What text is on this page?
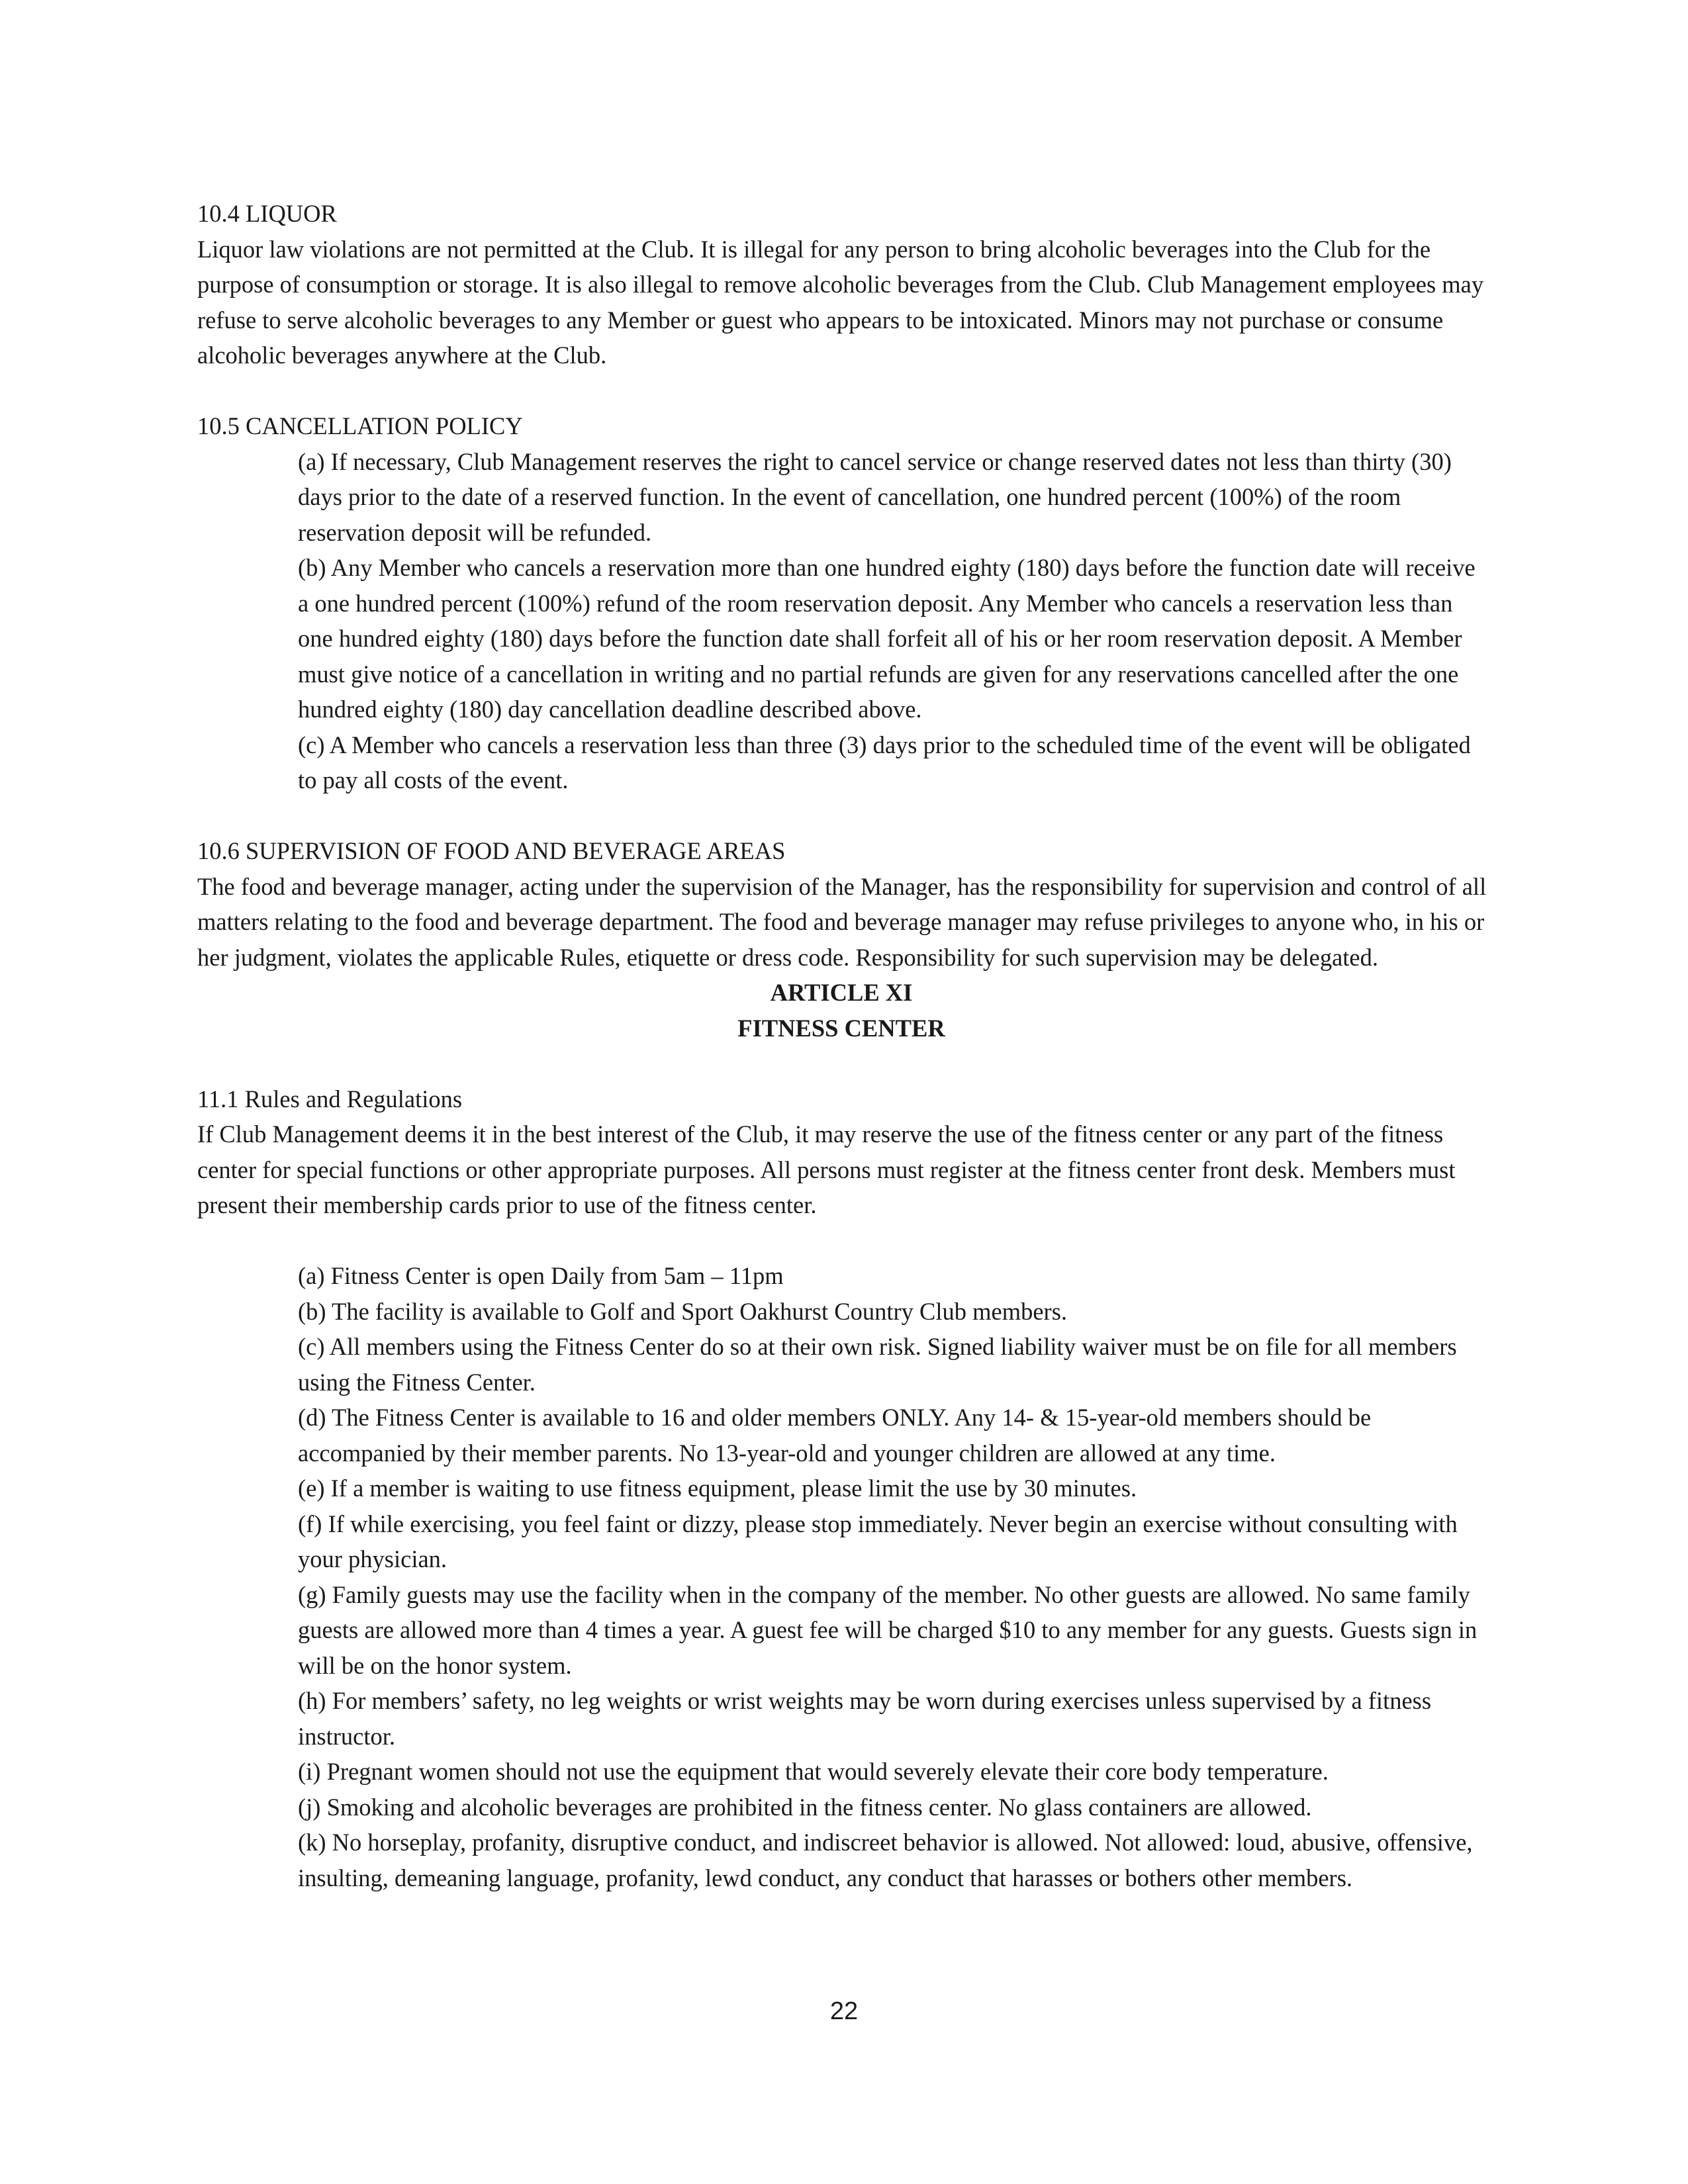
10.4 LIQUOR
Liquor law violations are not permitted at the Club. It is illegal for any person to bring alcoholic beverages into the Club for the purpose of consumption or storage. It is also illegal to remove alcoholic beverages from the Club. Club Management employees may refuse to serve alcoholic beverages to any Member or guest who appears to be intoxicated. Minors may not purchase or consume alcoholic beverages anywhere at the Club.
10.5 CANCELLATION POLICY
(a) If necessary, Club Management reserves the right to cancel service or change reserved dates not less than thirty (30) days prior to the date of a reserved function. In the event of cancellation, one hundred percent (100%) of the room reservation deposit will be refunded.
(b) Any Member who cancels a reservation more than one hundred eighty (180) days before the function date will receive a one hundred percent (100%) refund of the room reservation deposit. Any Member who cancels a reservation less than one hundred eighty (180) days before the function date shall forfeit all of his or her room reservation deposit. A Member must give notice of a cancellation in writing and no partial refunds are given for any reservations cancelled after the one hundred eighty (180) day cancellation deadline described above.
(c) A Member who cancels a reservation less than three (3) days prior to the scheduled time of the event will be obligated to pay all costs of the event.
10.6 SUPERVISION OF FOOD AND BEVERAGE AREAS
The food and beverage manager, acting under the supervision of the Manager, has the responsibility for supervision and control of all matters relating to the food and beverage department. The food and beverage manager may refuse privileges to anyone who, in his or her judgment, violates the applicable Rules, etiquette or dress code. Responsibility for such supervision may be delegated.
ARTICLE XI
FITNESS CENTER
11.1 Rules and Regulations
If Club Management deems it in the best interest of the Club, it may reserve the use of the fitness center or any part of the fitness center for special functions or other appropriate purposes. All persons must register at the fitness center front desk. Members must present their membership cards prior to use of the fitness center.
(a) Fitness Center is open Daily from 5am – 11pm
(b) The facility is available to Golf and Sport Oakhurst Country Club members.
(c) All members using the Fitness Center do so at their own risk. Signed liability waiver must be on file for all members using the Fitness Center.
(d) The Fitness Center is available to 16 and older members ONLY. Any 14- & 15-year-old members should be accompanied by their member parents. No 13-year-old and younger children are allowed at any time.
(e) If a member is waiting to use fitness equipment, please limit the use by 30 minutes.
(f) If while exercising, you feel faint or dizzy, please stop immediately. Never begin an exercise without consulting with your physician.
(g) Family guests may use the facility when in the company of the member. No other guests are allowed. No same family guests are allowed more than 4 times a year. A guest fee will be charged $10 to any member for any guests. Guests sign in will be on the honor system.
(h) For members’ safety, no leg weights or wrist weights may be worn during exercises unless supervised by a fitness instructor.
(i) Pregnant women should not use the equipment that would severely elevate their core body temperature.
(j) Smoking and alcoholic beverages are prohibited in the fitness center. No glass containers are allowed.
(k) No horseplay, profanity, disruptive conduct, and indiscreet behavior is allowed. Not allowed: loud, abusive, offensive, insulting, demeaning language, profanity, lewd conduct, any conduct that harasses or bothers other members.
22
